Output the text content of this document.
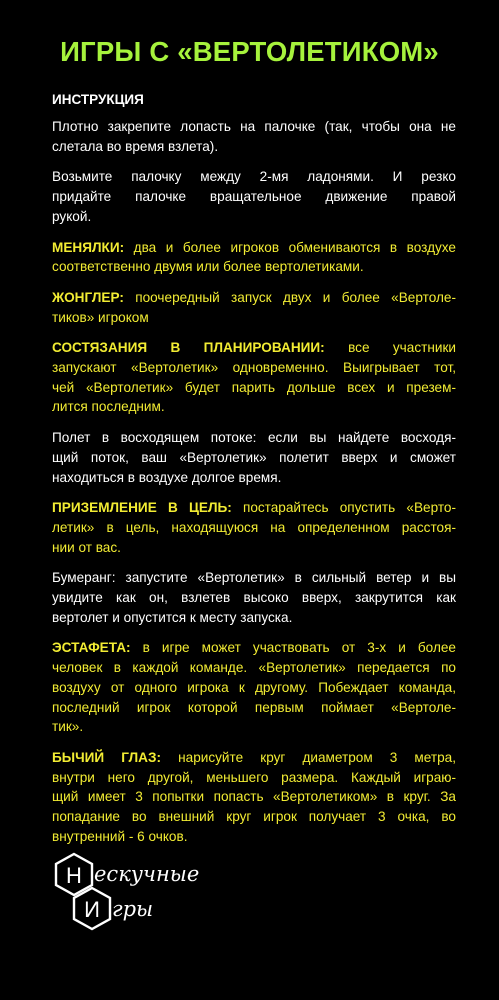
ИГРЫ С «ВЕРТОЛЕТИКОМ»
ИНСТРУКЦИЯ
Плотно закрепите лопасть на палочке (так, чтобы она не
слетала во время взлета).
Возьмите палочку между 2-мя ладонями. И резко
придайте палочке вращательное движение правой
рукой.
МЕНЯЛКИ: два и более игроков обмениваются в воздухе
соответственно двумя или более вертолетиками.
ЖОНГЛЕР: поочередный запуск двух и более «Вертоле-
тиков» игроком
СОСТЯЗАНИЯ В ПЛАНИРОВАНИИ: все участники
запускают «Вертолетик» одновременно. Выигрывает тот,
чей «Вертолетик» будет парить дольше всех и презем-
лится последним.
Полет в восходящем потоке: если вы найдете восходя-
щий поток, ваш «Вертолетик» полетит вверх и сможет
находиться в воздухе долгое время.
ПРИЗЕМЛЕНИЕ В ЦЕЛЬ: постарайтесь опустить «Верто-
летик» в цель, находящуюся на определенном расстоя-
нии от вас.
Бумеранг: запустите «Вертолетик» в сильный ветер и вы
увидите как он, взлетев высоко вверх, закрутится как
вертолет и опустится к месту запуска.
ЭСТАФЕТА: в игре может участвовать от 3-х и более
человек в каждой команде. «Вертолетик» передается по
воздуху от одного игрока к другому. Побеждает команда,
последний игрок которой первым поймает «Вертоле-
тик».
БЫЧИЙ ГЛАЗ: нарисуйте круг диаметром 3 метра,
внутри него другой, меньшего размера. Каждый играю-
щий имеет 3 попытки попасть «Вертолетиком» в круг. За
попадание во внешний круг игрок получает 3 очка, во
внутренний - 6 очков.
Н
И
ескучные
гры
